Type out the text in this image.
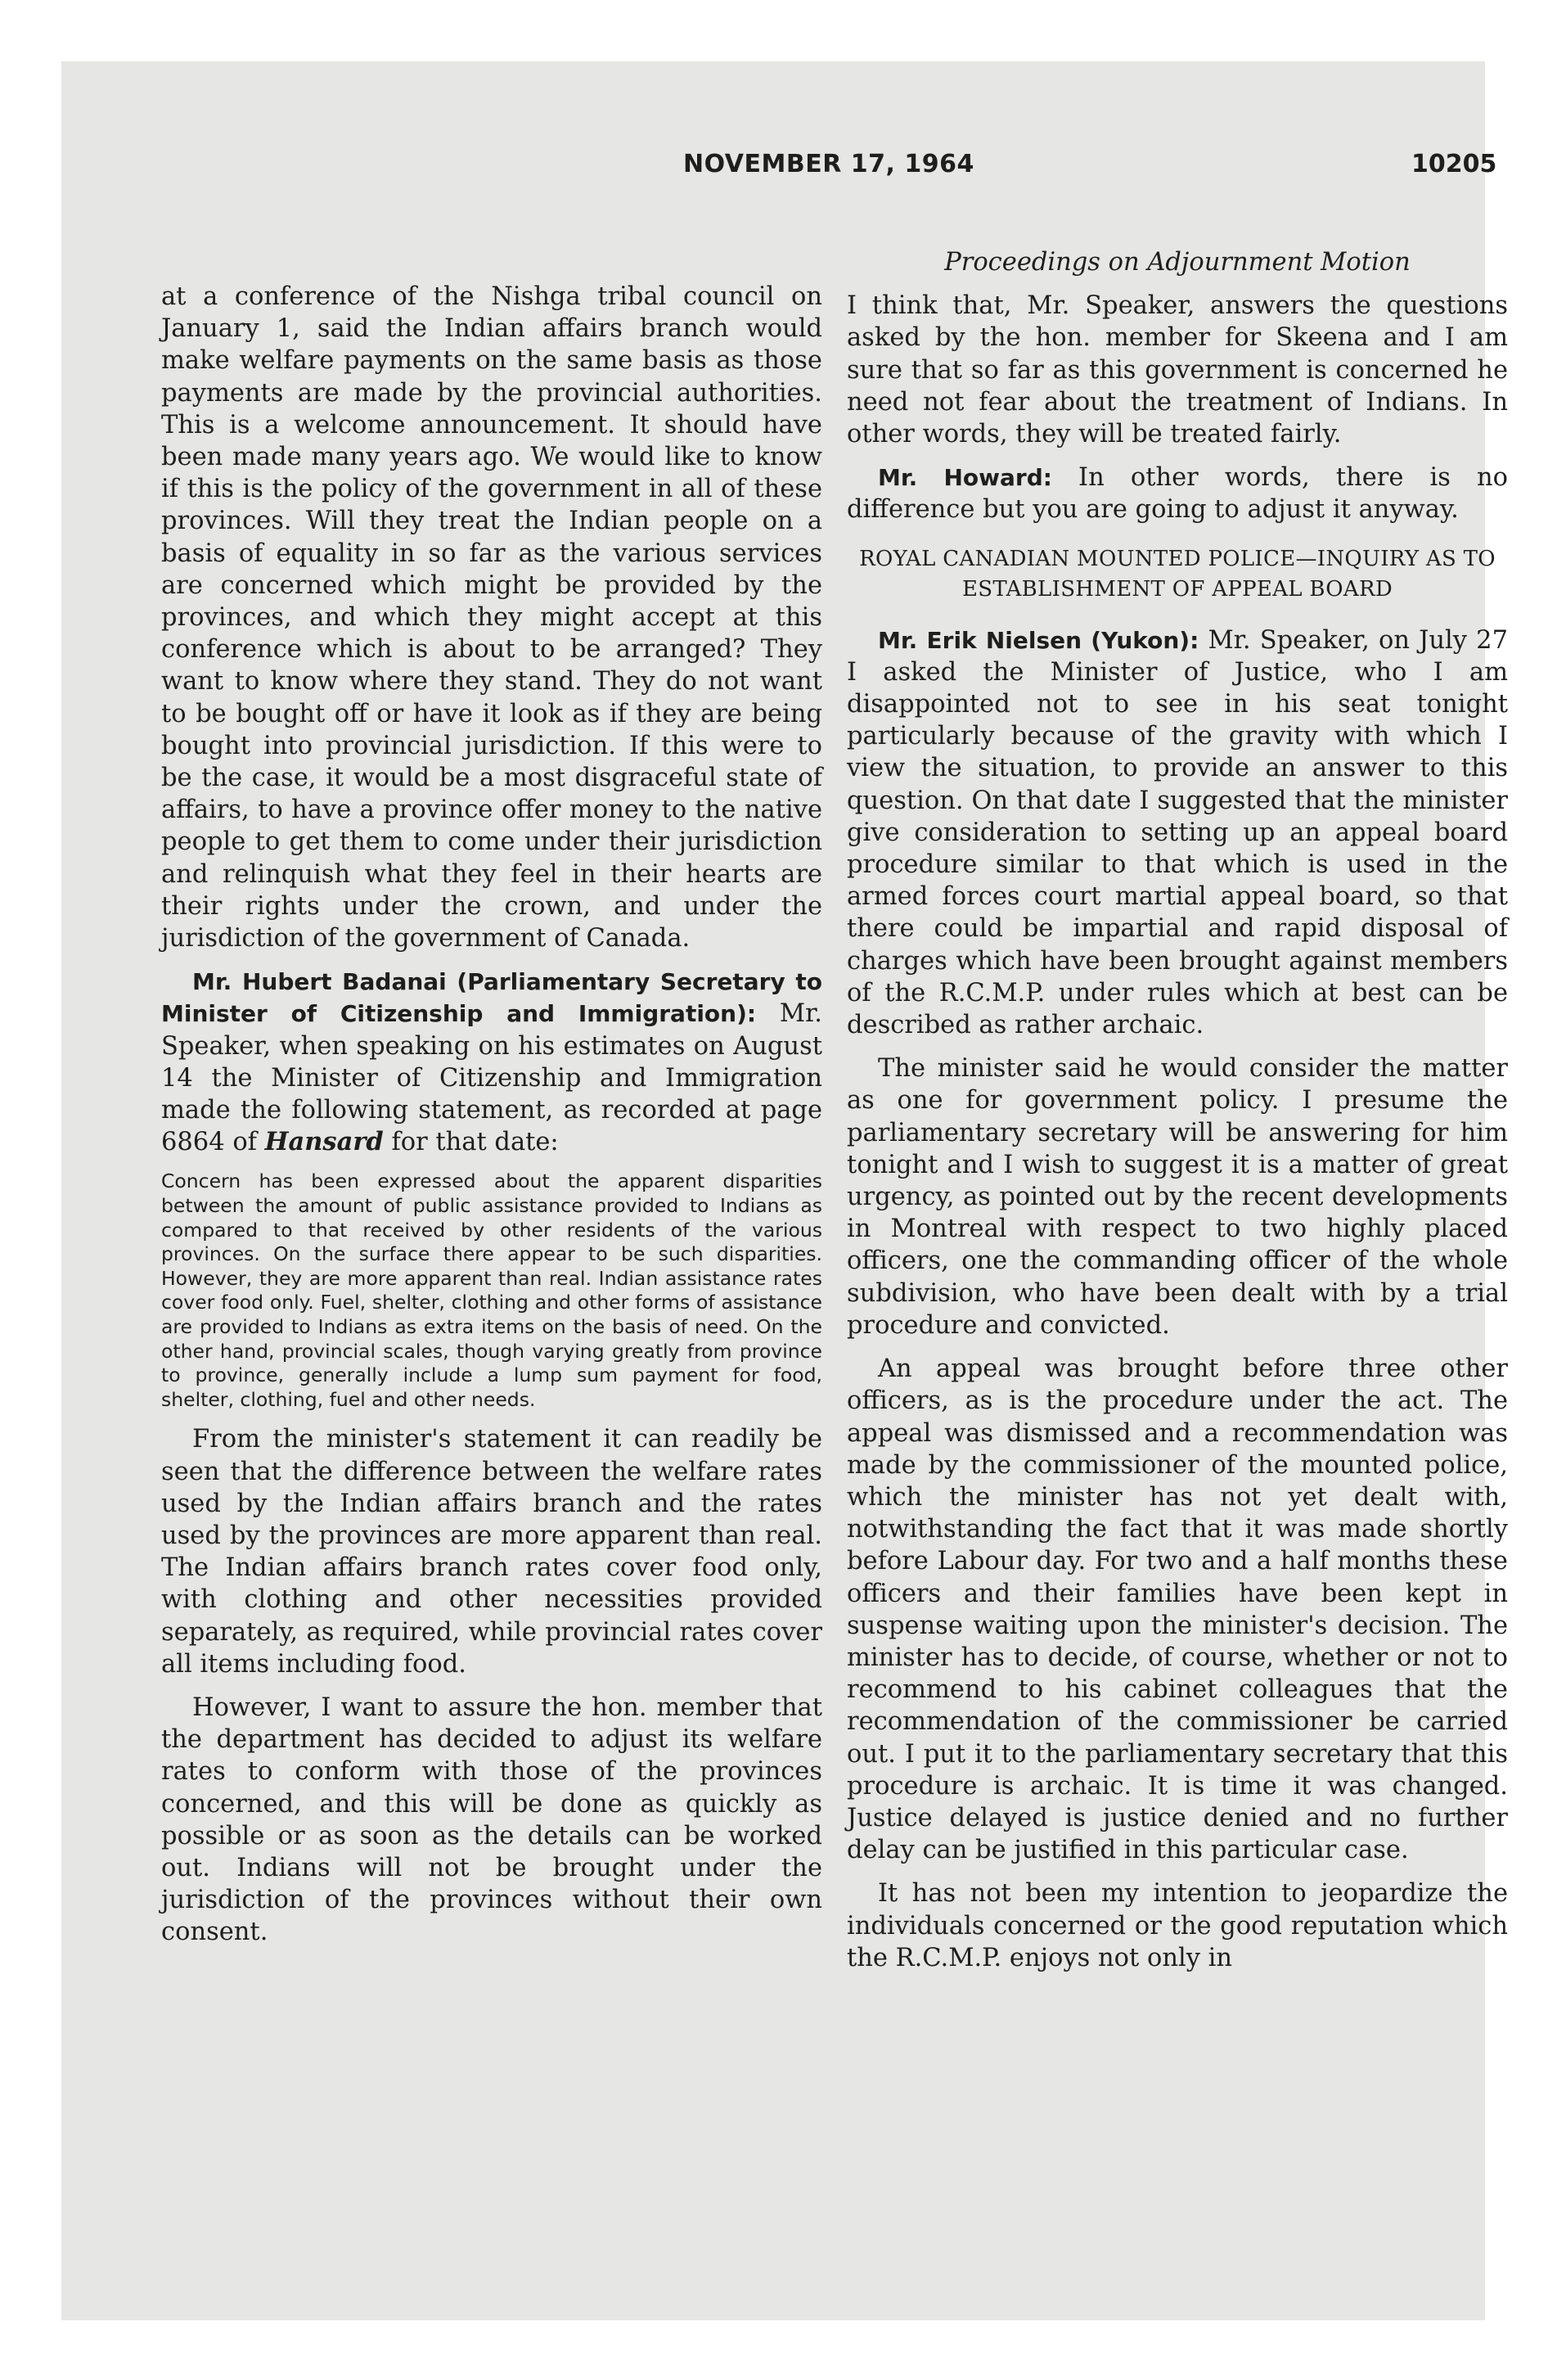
NOVEMBER 17, 1964	10205

at a conference of the Nishga tribal council on January 1, said the Indian affairs branch would make welfare payments on the same basis as those payments are made by the provincial authorities. This is a welcome announcement. It should have been made many years ago. We would like to know if this is the policy of the government in all of these provinces. Will they treat the Indian people on a basis of equality in so far as the various services are concerned which might be provided by the provinces, and which they might accept at this conference which is about to be arranged? They want to know where they stand. They do not want to be bought off or have it look as if they are being bought into provincial jurisdiction. If this were to be the case, it would be a most disgraceful state of affairs, to have a province offer money to the native people to get them to come under their jurisdiction and relinquish what they feel in their hearts are their rights under the crown, and under the jurisdiction of the government of Canada.

Mr. Hubert Badanai (Parliamentary Secretary to Minister of Citizenship and Immigration): Mr. Speaker, when speaking on his estimates on August 14 the Minister of Citizenship and Immigration made the following statement, as recorded at page 6864 of Hansard for that date:

Concern has been expressed about the apparent disparities between the amount of public assistance provided to Indians as compared to that received by other residents of the various provinces. On the surface there appear to be such disparities. However, they are more apparent than real. Indian assistance rates cover food only. Fuel, shelter, clothing and other forms of assistance are provided to Indians as extra items on the basis of need. On the other hand, provincial scales, though varying greatly from province to province, generally include a lump sum payment for food, shelter, clothing, fuel and other needs.

From the minister's statement it can readily be seen that the difference between the welfare rates used by the Indian affairs branch and the rates used by the provinces are more apparent than real. The Indian affairs branch rates cover food only, with clothing and other necessities provided separately, as required, while provincial rates cover all items including food.

However, I want to assure the hon. member that the department has decided to adjust its welfare rates to conform with those of the provinces concerned, and this will be done as quickly as possible or as soon as the details can be worked out. Indians will not be brought under the jurisdiction of the provinces without their own consent.

Proceedings on Adjournment Motion

I think that, Mr. Speaker, answers the questions asked by the hon. member for Skeena and I am sure that so far as this government is concerned he need not fear about the treatment of Indians. In other words, they will be treated fairly.

Mr. Howard: In other words, there is no difference but you are going to adjust it anyway.

ROYAL CANADIAN MOUNTED POLICE—INQUIRY AS TO ESTABLISHMENT OF APPEAL BOARD

Mr. Erik Nielsen (Yukon): Mr. Speaker, on July 27 I asked the Minister of Justice, who I am disappointed not to see in his seat tonight particularly because of the gravity with which I view the situation, to provide an answer to this question. On that date I suggested that the minister give consideration to setting up an appeal board procedure similar to that which is used in the armed forces court martial appeal board, so that there could be impartial and rapid disposal of charges which have been brought against members of the R.C.M.P. under rules which at best can be described as rather archaic.

The minister said he would consider the matter as one for government policy. I presume the parliamentary secretary will be answering for him tonight and I wish to suggest it is a matter of great urgency, as pointed out by the recent developments in Montreal with respect to two highly placed officers, one the commanding officer of the whole subdivision, who have been dealt with by a trial procedure and convicted.

An appeal was brought before three other officers, as is the procedure under the act. The appeal was dismissed and a recommendation was made by the commissioner of the mounted police, which the minister has not yet dealt with, notwithstanding the fact that it was made shortly before Labour day. For two and a half months these officers and their families have been kept in suspense waiting upon the minister's decision. The minister has to decide, of course, whether or not to recommend to his cabinet colleagues that the recommendation of the commissioner be carried out. I put it to the parliamentary secretary that this procedure is archaic. It is time it was changed. Justice delayed is justice denied and no further delay can be justified in this particular case.

It has not been my intention to jeopardize the individuals concerned or the good reputation which the R.C.M.P. enjoys not only in
